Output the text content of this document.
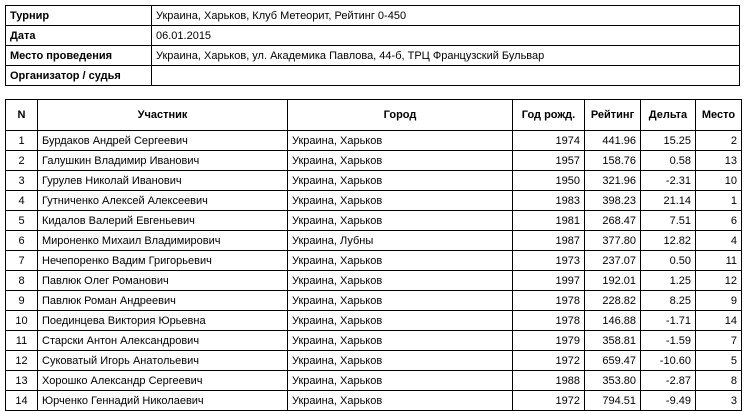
Турнир	Украина, Харьков, Клуб Метеорит, Рейтинг 0-450
Дата	06.01.2015
Место проведения	Украина, Харьков, ул. Академика Павлова, 44-б, ТРЦ Французский Бульвар
Организатор / судья	
N	Участник	Город	Год рожд.	Рейтинг	Дельта	Место
1	Бурдаков Андрей Сергеевич	Украина, Харьков	1974	441.96	15.25	2
2	Галушкин Владимир Иванович	Украина, Харьков	1957	158.76	0.58	13
3	Гурулев Николай Иванович	Украина, Харьков	1950	321.96	-2.31	10
4	Гутниченко Алексей Алексеевич	Украина, Харьков	1983	398.23	21.14	1
5	Кидалов Валерий Евгеньевич	Украина, Харьков	1981	268.47	7.51	6
6	Мироненко Михаил Владимирович	Украина, Лубны	1987	377.80	12.82	4
7	Нечепоренко Вадим Григорьевич	Украина, Харьков	1973	237.07	0.50	11
8	Павлюк Олег Романович	Украина, Харьков	1997	192.01	1.25	12
9	Павлюк Роман Андреевич	Украина, Харьков	1978	228.82	8.25	9
10	Поединцева Виктория Юрьевна	Украина, Харьков	1978	146.88	-1.71	14
11	Старски Антон Александрович	Украина, Харьков	1979	358.81	-1.59	7
12	Суковатый Игорь Анатольевич	Украина, Харьков	1972	659.47	-10.60	5
13	Хорошко Александр Сергеевич	Украина, Харьков	1988	353.80	-2.87	8
14	Юрченко Геннадий Николаевич	Украина, Харьков	1972	794.51	-9.49	3
